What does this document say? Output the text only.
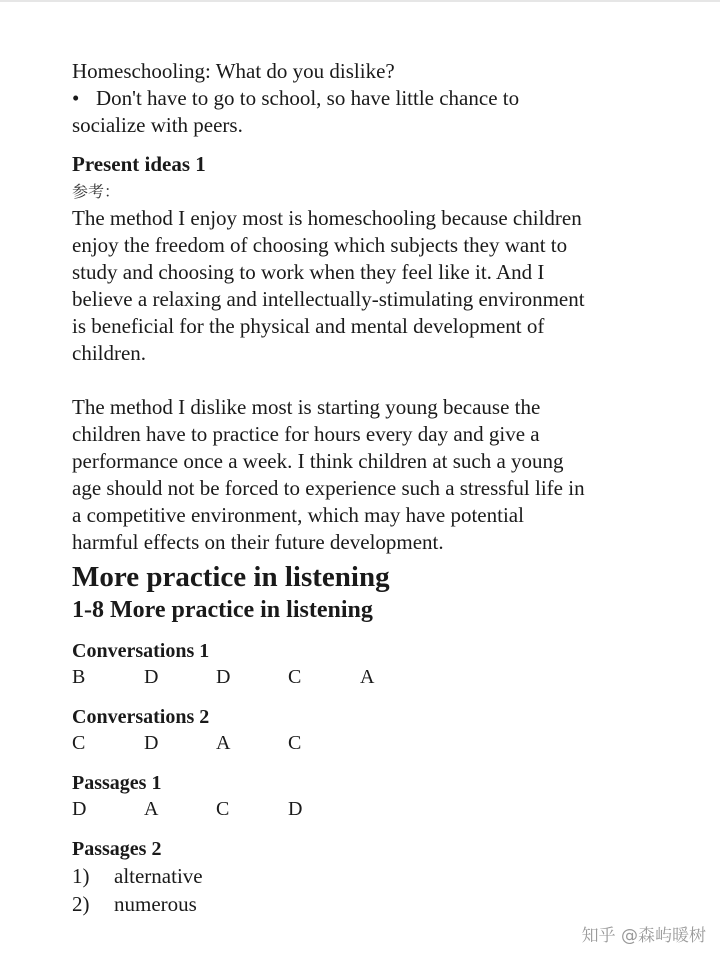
Homeschooling: What do you dislike?
• Don't have to go to school, so have little chance to
socialize with peers.
Present ideas 1
参考：
The method I enjoy most is homeschooling because children
enjoy the freedom of choosing which subjects they want to
study and choosing to work when they feel like it. And I
believe a relaxing and intellectually-stimulating environment
is beneficial for the physical and mental development of
children.
The method I dislike most is starting young because the
children have to practice for hours every day and give a
performance once a week. I think children at such a young
age should not be forced to experience such a stressful life in
a competitive environment, which may have potential
harmful effects on their future development.
More practice in listening
1-8 More practice in listening
Conversations 1
B	D	D	C	A
Conversations 2
C	D	A	C
Passages 1
D	A	C	D
Passages 2
1) alternative
2) numerous
知乎 @森屿暖树
